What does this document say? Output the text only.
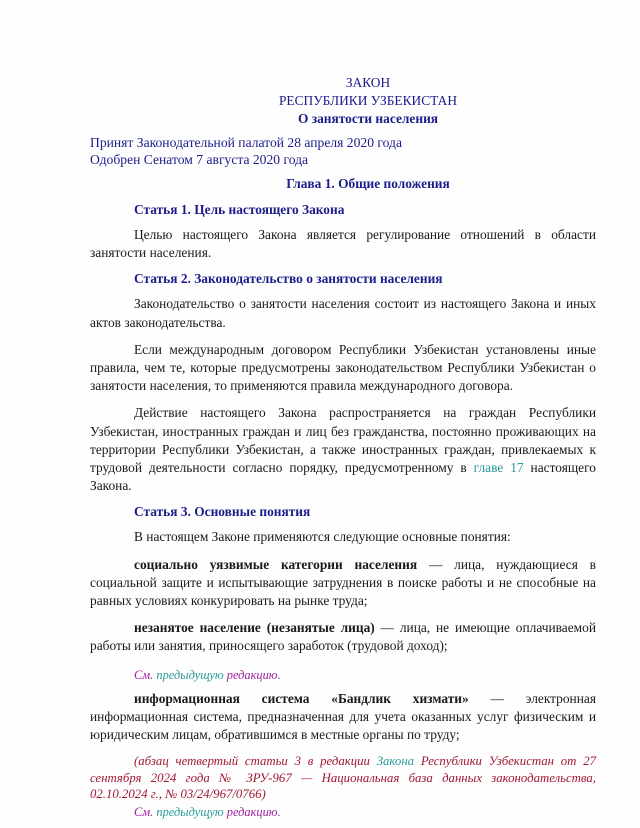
ЗАКОН
РЕСПУБЛИКИ УЗБЕКИСТАН
О занятости населения
Принят Законодательной палатой 28 апреля 2020 года
Одобрен Сенатом 7 августа 2020 года
Глава 1. Общие положения
Статья 1. Цель настоящего Закона
Целью настоящего Закона является регулирование отношений в области занятости населения.
Статья 2. Законодательство о занятости населения
Законодательство о занятости населения состоит из настоящего Закона и иных актов законодательства.
Если международным договором Республики Узбекистан установлены иные правила, чем те, которые предусмотрены законодательством Республики Узбекистан о занятости населения, то применяются правила международного договора.
Действие настоящего Закона распространяется на граждан Республики Узбекистан, иностранных граждан и лиц без гражданства, постоянно проживающих на территории Республики Узбекистан, а также иностранных граждан, привлекаемых к трудовой деятельности согласно порядку, предусмотренному в главе 17 настоящего Закона.
Статья 3. Основные понятия
В настоящем Законе применяются следующие основные понятия:
социально уязвимые категории населения — лица, нуждающиеся в социальной защите и испытывающие затруднения в поиске работы и не способные на равных условиях конкурировать на рынке труда;
незанятое население (незанятые лица) — лица, не имеющие оплачиваемой работы или занятия, приносящего заработок (трудовой доход);
См. предыдущую редакцию.
информационная система «Бандлик хизмати» — электронная информационная система, предназначенная для учета оказанных услуг физическим и юридическим лицам, обратившимся в местные органы по труду;
(абзац четвертый статьи 3 в редакции Закона Республики Узбекистан от 27 сентября 2024 года № ЗРУ-967 — Национальная база данных законодательства, 02.10.2024 г., № 03/24/967/0766)
См. предыдущую редакцию.
